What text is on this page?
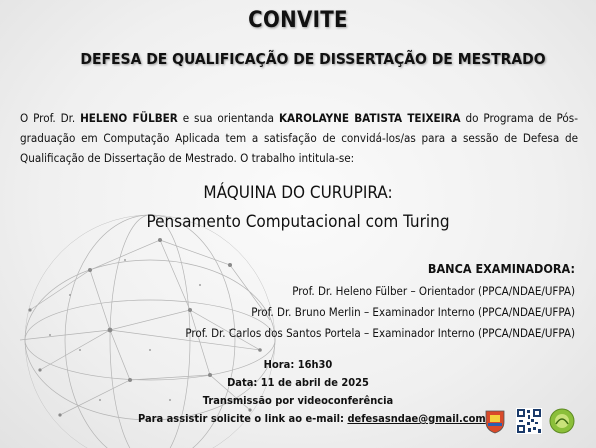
CONVITE
DEFESA DE QUALIFICAÇÃO DE DISSERTAÇÃO DE MESTRADO

O Prof. Dr. HELENO FÜLBER e sua orientanda KAROLAYNE BATISTA TEIXEIRA do Programa de Pós-graduação em Computação Aplicada tem a satisfação de convidá-los/as para a sessão de Defesa de Qualificação de Dissertação de Mestrado. O trabalho intitula-se:

MÁQUINA DO CURUPIRA:
Pensamento Computacional com Turing
BANCA EXAMINADORA:
Prof. Dr. Heleno Fülber – Orientador (PPCA/NDAE/UFPA)
Prof. Dr. Bruno Merlin – Examinador Interno (PPCA/NDAE/UFPA)
Prof. Dr. Carlos dos Santos Portela – Examinador Interno (PPCA/NDAE/UFPA)
Hora: 16h30
Data: 11 de abril de 2025
Transmissão por videoconferência
Para assistir solicite o link ao e-mail: defesasndae@gmail.com
